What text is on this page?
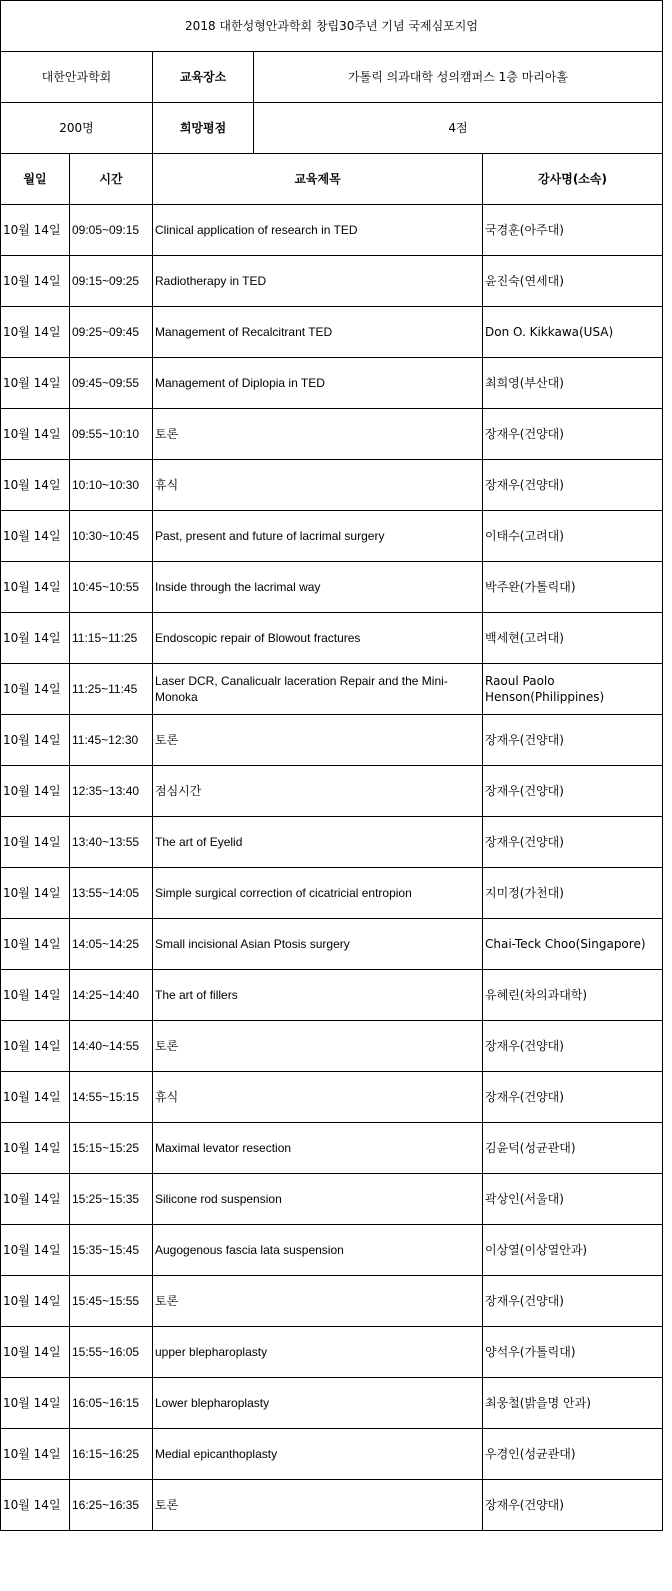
2018 대한성형안과학회 창립30주년 기념 국제심포지엄				
대한안과학회		교육장소	가톨릭 의과대학 성의캠퍼스 1층 마리아홀	
200명		희망평점	4점	
월일	시간	교육제목		강사명(소속)
10월 14일	09:05~09:15	Clinical application of research in TED		국경훈(아주대)
10월 14일	09:15~09:25	Radiotherapy in TED		윤진숙(연세대)
10월 14일	09:25~09:45	Management of Recalcitrant TED		Don O. Kikkawa(USA)
10월 14일	09:45~09:55	Management of Diplopia in TED		최희영(부산대)
10월 14일	09:55~10:10	토론		장재우(건양대)
10월 14일	10:10~10:30	휴식		장재우(건양대)
10월 14일	10:30~10:45	Past, present and future of lacrimal surgery		이태수(고려대)
10월 14일	10:45~10:55	Inside through the lacrimal way		박주완(가톨릭대)
10월 14일	11:15~11:25	Endoscopic repair of Blowout fractures		백세현(고려대)
10월 14일	11:25~11:45	Laser DCR, Canalicualr laceration Repair and the Mini-Monoka		Raoul Paolo Henson(Philippines)
10월 14일	11:45~12:30	토론		장재우(건양대)
10월 14일	12:35~13:40	점심시간		장재우(건양대)
10월 14일	13:40~13:55	The art of Eyelid		장재우(건양대)
10월 14일	13:55~14:05	Simple surgical correction of cicatricial entropion		지미정(가천대)
10월 14일	14:05~14:25	Small incisional Asian Ptosis surgery		Chai-Teck Choo(Singapore)
10월 14일	14:25~14:40	The art of fillers		유혜린(차의과대학)
10월 14일	14:40~14:55	토론		장재우(건양대)
10월 14일	14:55~15:15	휴식		장재우(건양대)
10월 14일	15:15~15:25	Maximal levator resection		김윤덕(성균관대)
10월 14일	15:25~15:35	Silicone rod suspension		곽상인(서울대)
10월 14일	15:35~15:45	Augogenous fascia lata suspension		이상열(이상열안과)
10월 14일	15:45~15:55	토론		장재우(건양대)
10월 14일	15:55~16:05	upper blepharoplasty		양석우(가톨릭대)
10월 14일	16:05~16:15	Lower blepharoplasty		최웅철(밝을명 안과)
10월 14일	16:15~16:25	Medial epicanthoplasty		우경인(성균관대)
10월 14일	16:25~16:35	토론		장재우(건양대)
